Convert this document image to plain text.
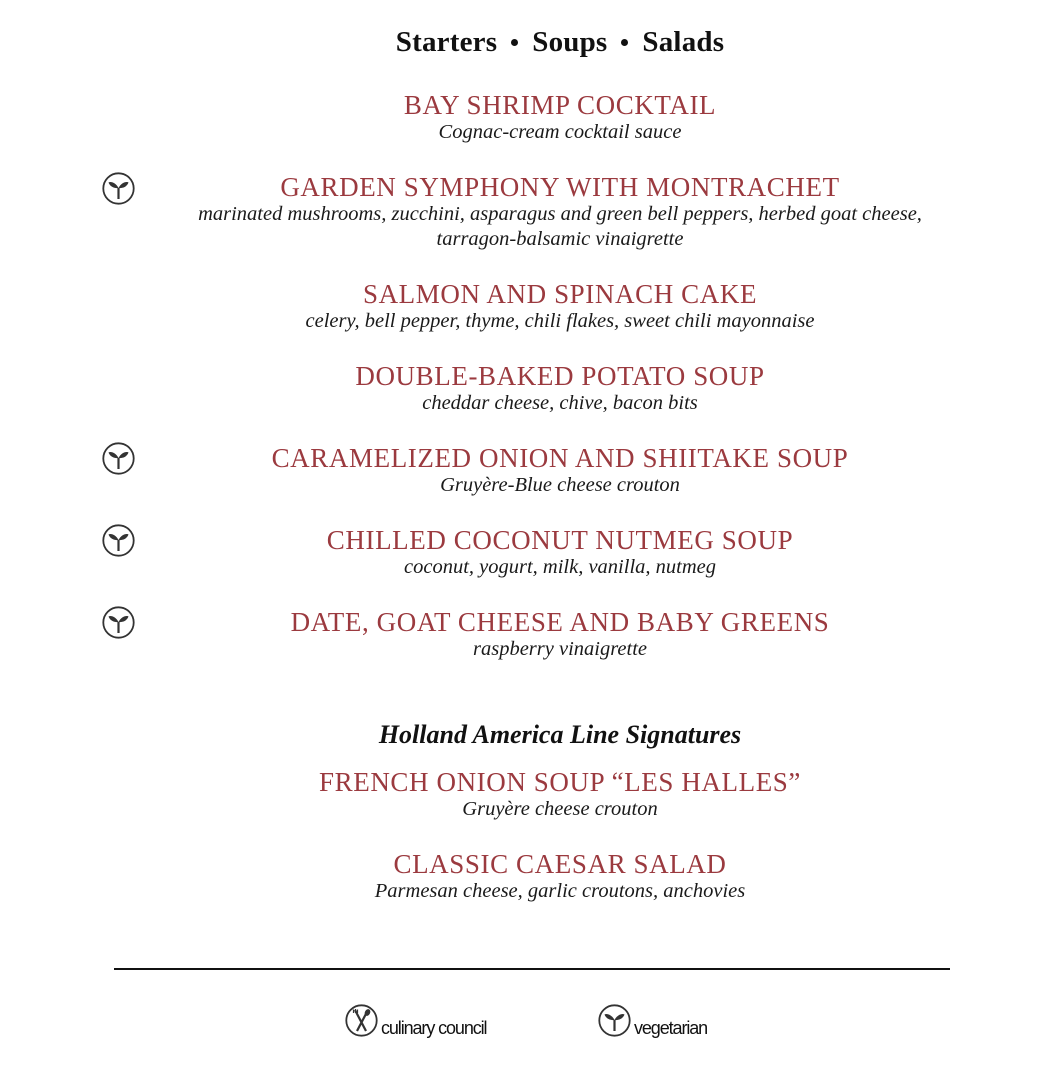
Starters Soups Salads
BAY SHRIMP COCKTAIL
Cognac-cream cocktail sauce
GARDEN SYMPHONY WITH MONTRACHET
marinated mushrooms, zucchini, asparagus and green bell peppers, herbed goat cheese, tarragon-balsamic vinaigrette
SALMON AND SPINACH CAKE
celery, bell pepper, thyme, chili flakes, sweet chili mayonnaise
DOUBLE-BAKED POTATO SOUP
cheddar cheese, chive, bacon bits
CARAMELIZED ONION AND SHIITAKE SOUP
Gruyère-Blue cheese crouton
CHILLED COCONUT NUTMEG SOUP
coconut, yogurt, milk, vanilla, nutmeg
DATE, GOAT CHEESE AND BABY GREENS
raspberry vinaigrette
Holland America Line Signatures
FRENCH ONION SOUP “LES HALLES”
Gruyère cheese crouton
CLASSIC CAESAR SALAD
Parmesan cheese, garlic croutons, anchovies
culinary council	vegetarian
